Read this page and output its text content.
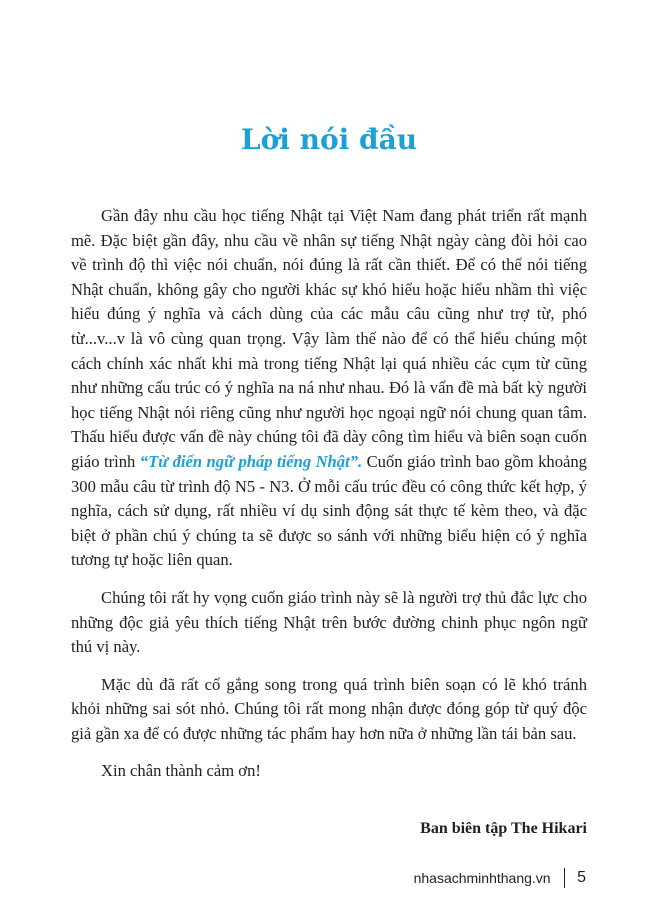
Lời nói đầu

Gần đây nhu cầu học tiếng Nhật tại Việt Nam đang phát triển rất mạnh mẽ. Đặc biệt gần đây, nhu cầu về nhân sự tiếng Nhật ngày càng đòi hỏi cao về trình độ thì việc nói chuẩn, nói đúng là rất cần thiết. Để có thể nói tiếng Nhật chuẩn, không gây cho người khác sự khó hiểu hoặc hiểu nhầm thì việc hiểu đúng ý nghĩa và cách dùng của các mẫu câu cũng như trợ từ, phó từ...v...v là vô cùng quan trọng. Vậy làm thế nào để có thể hiểu chúng một cách chính xác nhất khi mà trong tiếng Nhật lại quá nhiều các cụm từ cũng như những cấu trúc có ý nghĩa na ná như nhau. Đó là vấn đề mà bất kỳ người học tiếng Nhật nói riêng cũng như người học ngoại ngữ nói chung quan tâm. Thấu hiểu được vấn đề này chúng tôi đã dày công tìm hiểu và biên soạn cuốn giáo trình “Từ điển ngữ pháp tiếng Nhật”. Cuốn giáo trình bao gồm khoảng 300 mẫu câu từ trình độ N5 - N3. Ở mỗi cấu trúc đều có công thức kết hợp, ý nghĩa, cách sử dụng, rất nhiều ví dụ sinh động sát thực tế kèm theo, và đặc biệt ở phần chú ý chúng ta sẽ được so sánh với những biểu hiện có ý nghĩa tương tự hoặc liên quan.

Chúng tôi rất hy vọng cuốn giáo trình này sẽ là người trợ thủ đắc lực cho những độc giả yêu thích tiếng Nhật trên bước đường chinh phục ngôn ngữ thú vị này.

Mặc dù đã rất cố gắng song trong quá trình biên soạn có lẽ khó tránh khỏi những sai sót nhỏ. Chúng tôi rất mong nhận được đóng góp từ quý độc giả gần xa để có được những tác phẩm hay hơn nữa ở những lần tái bản sau.

Xin chân thành cảm ơn!

Ban biên tập The Hikari
nhasachminhthang.vn 5
